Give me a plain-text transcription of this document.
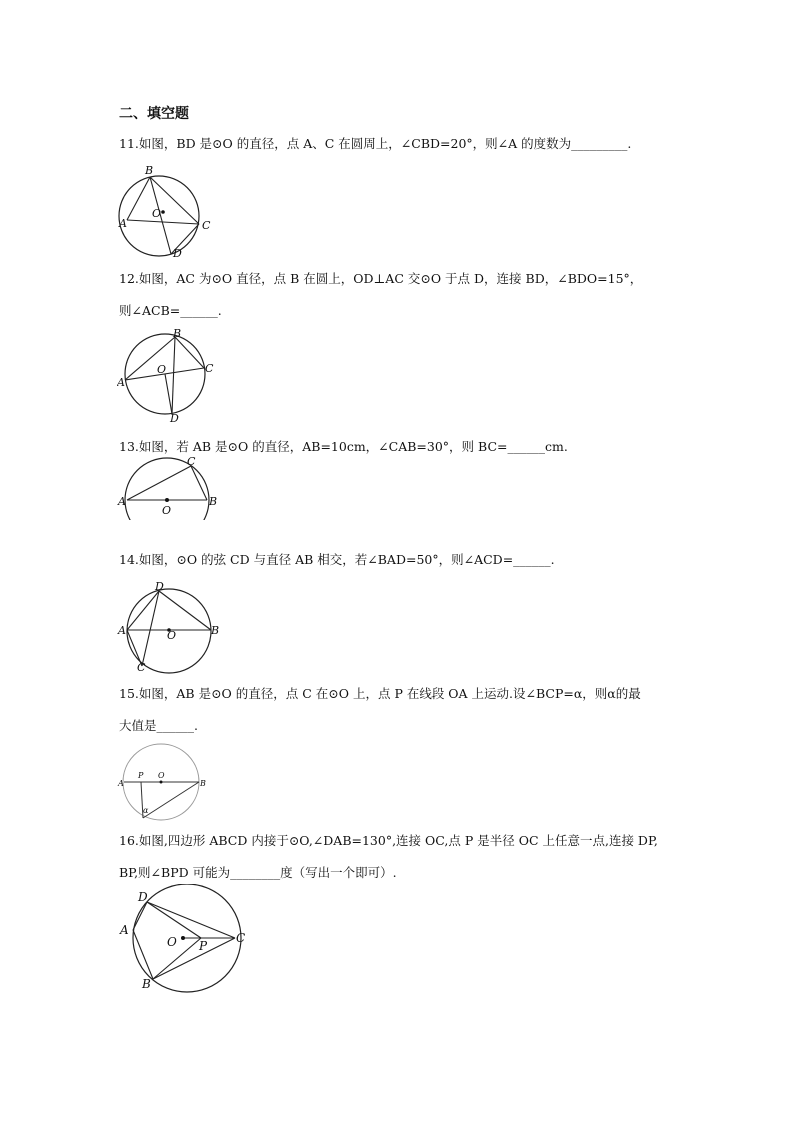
二、填空题
11.如图，BD 是⊙O 的直径，点 A、C 在圆周上，∠CBD=20°，则∠A 的度数为_________.
B
O
A	C
D
12.如图，AC 为⊙O 直径，点 B 在圆上，OD⊥AC 交⊙O 于点 D，连接 BD，∠BDO=15°，
则∠ACB=______.
B
O
A
C
D
13.如图，若 AB 是⊙O 的直径，AB=10cm，∠CAB=30°，则 BC=______cm.
C
O
A	B
14.如图，⊙O 的弦 CD 与直径 AB 相交，若∠BAD=50°，则∠ACD=______.
D
O
A	B
C
15.如图，AB 是⊙O 的直径，点 C 在⊙O 上，点 P 在线段 OA 上运动.设∠BCP=α，则α的最
大值是______.
A
P O
B
α
16.如图,四边形 ABCD 内接于⊙O,∠DAB=130°,连接 OC,点 P 是半径 OC 上任意一点,连接 DP,
BP,则∠BPD 可能为________度（写出一个即可）.
D
A
O P
C
B
